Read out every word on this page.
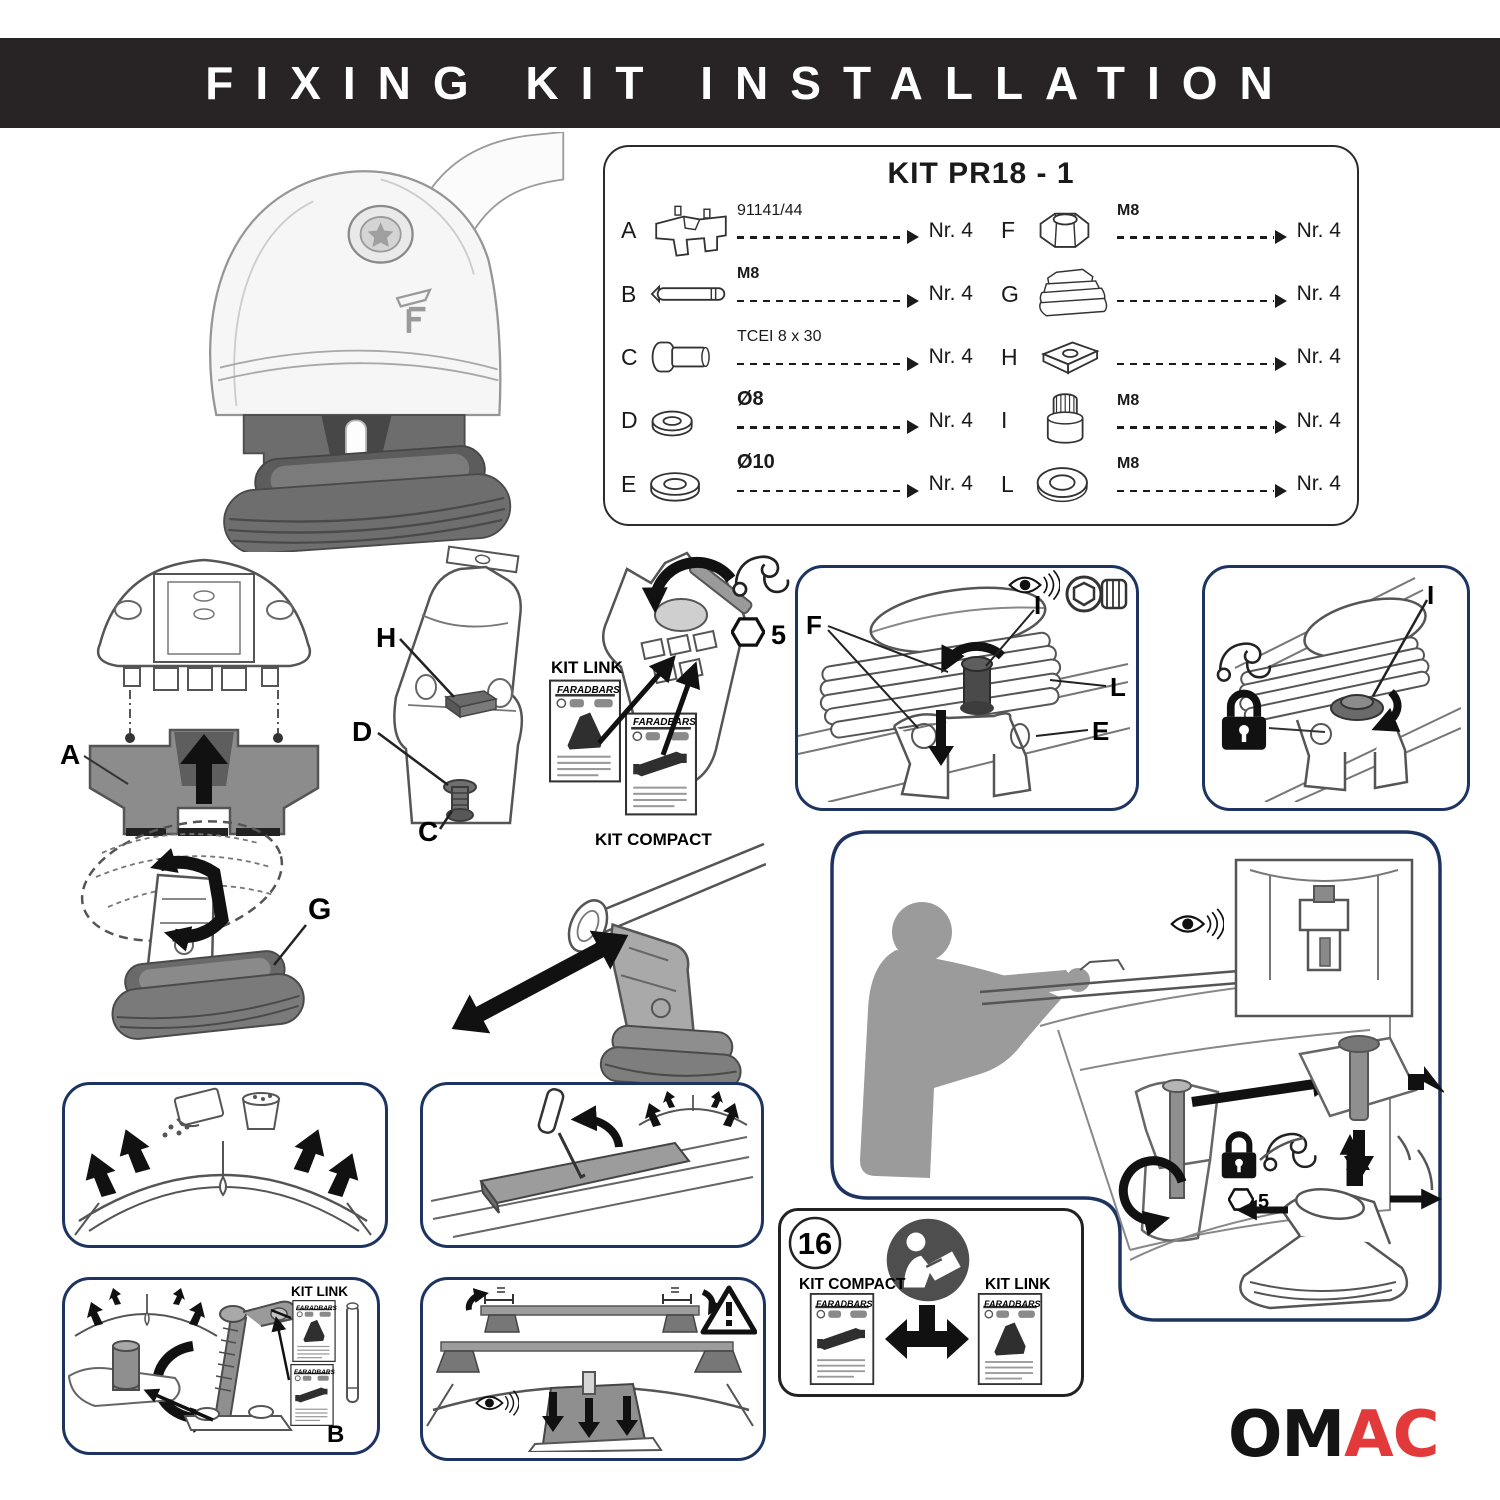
FIXING KIT INSTALLATION
KIT PR18 - 1
A
91141/44
Nr. 4
B
M8
Nr. 4
C
TCEI 8 x 30
Nr. 4
D
Ø8
Nr. 4
E
Ø10
Nr. 4
F
M8
Nr. 4
G	Nr. 4
H	Nr. 4
I
M8
Nr. 4
L
M8
Nr. 4
A
H
D
C
5
KIT LINK
FARADBARS
FARADBARS
KIT COMPACT
F
I
L
E
I
G
5
KIT LINK
FARADBARS
FARADBARS
B
16
KIT COMPACT
FARADBARS
KIT LINK
FARADBARS
OMAC
